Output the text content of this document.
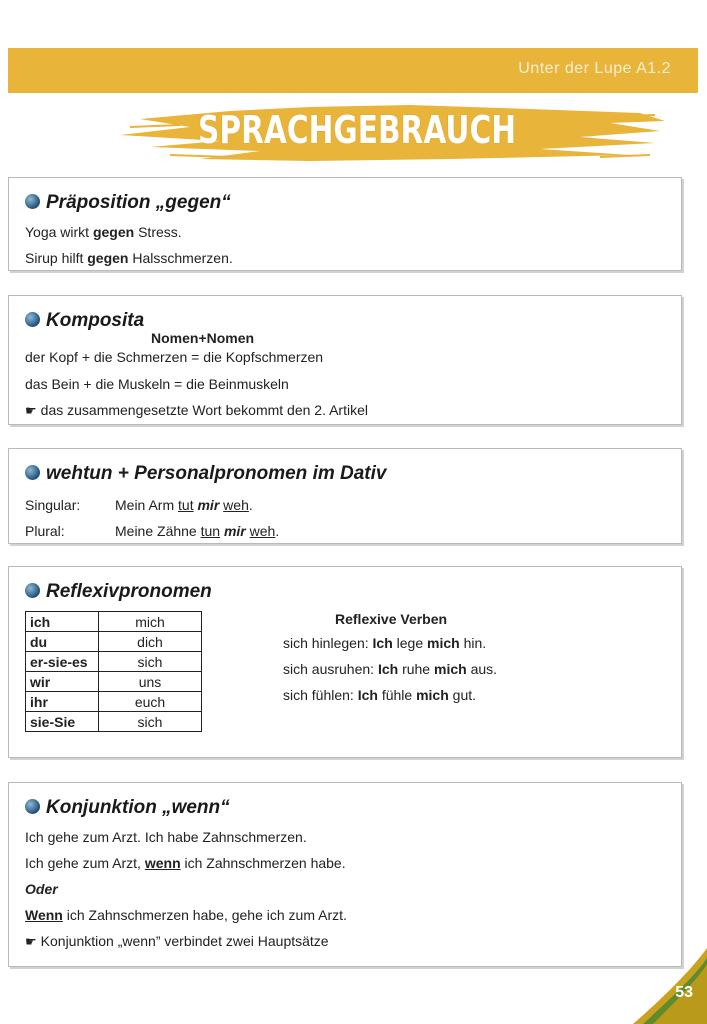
Unter der Lupe A1.2
SPRACHGEBRAUCH
Präposition „gegen“
Yoga wirkt gegen Stress.
Sirup hilft gegen Halsschmerzen.
Komposita
Nomen+Nomen
der Kopf + die Schmerzen = die Kopfschmerzen
das Bein + die Muskeln = die Beinmuskeln
☛ das zusammengesetzte Wort bekommt den 2. Artikel
wehtun + Personalpronomen im Dativ
Singular: Mein Arm tut mir weh.
Plural:	Meine Zähne tun mir weh.
Reflexivpronomen
ich	mich
du	dich
er-sie-es	sich
wir	uns
ihr	euch
sie-Sie	sich
Reflexive Verben
sich hinlegen: Ich lege mich hin.
sich ausruhen: Ich ruhe mich aus.
sich fühlen: Ich fühle mich gut.
Konjunktion „wenn“
Ich gehe zum Arzt. Ich habe Zahnschmerzen.
Ich gehe zum Arzt, wenn ich Zahnschmerzen habe.
Oder
Wenn ich Zahnschmerzen habe, gehe ich zum Arzt.
☛ Konjunktion „wenn” verbindet zwei Hauptsätze
53
